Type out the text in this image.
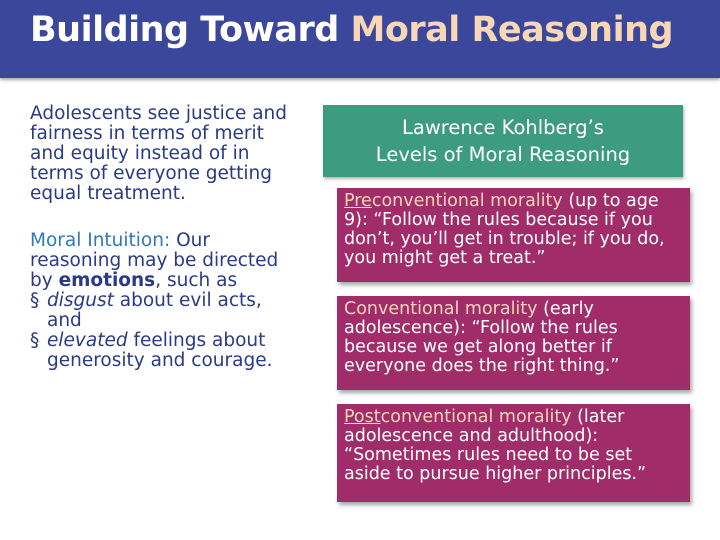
Building Toward Moral Reasoning

Adolescents see justice and fairness in terms of merit and equity instead of in terms of everyone getting equal treatment.

Moral Intuition: Our reasoning may be directed by emotions, such as

§ disgust about evil acts, and
§ elevated feelings about generosity and courage.
Lawrence Kohlberg’s
Levels of Moral Reasoning
Preconventional morality (up to age 9): “Follow the rules because if you don’t, you’ll get in trouble; if you do, you might get a treat.”
Conventional morality (early adolescence): “Follow the rules because we get along better if everyone does the right thing.”
Postconventional morality (later adolescence and adulthood): “Sometimes rules need to be set aside to pursue higher principles.”
